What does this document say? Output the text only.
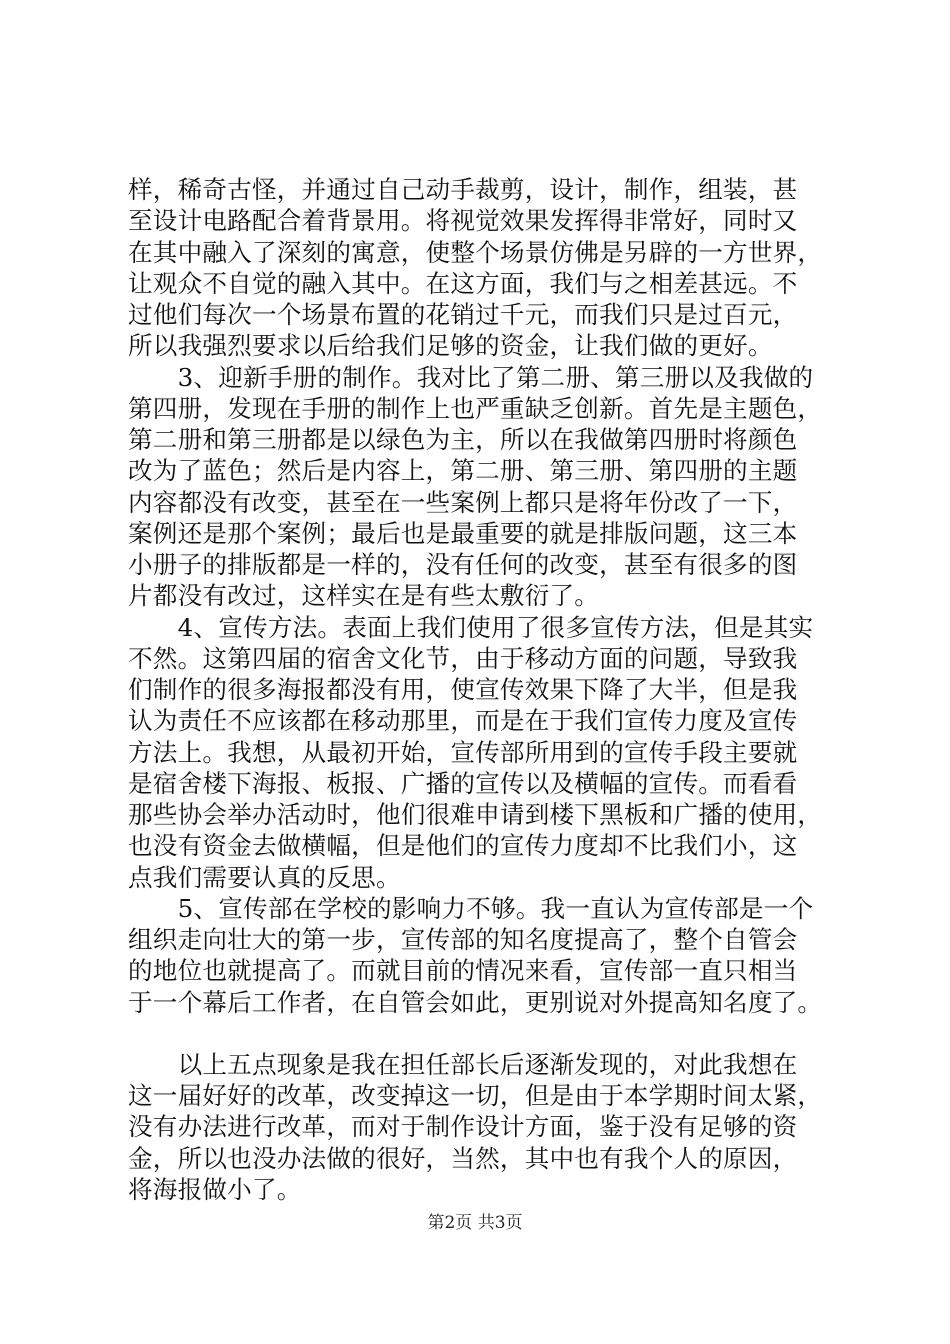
样，稀奇古怪，并通过自己动手裁剪，设计，制作，组装，甚
至设计电路配合着背景用。将视觉效果发挥得非常好，同时又
在其中融入了深刻的寓意，使整个场景仿佛是另辟的一方世界，
让观众不自觉的融入其中。在这方面，我们与之相差甚远。不
过他们每次一个场景布置的花销过千元，而我们只是过百元，
所以我强烈要求以后给我们足够的资金，让我们做的更好。
　　3、迎新手册的制作。我对比了第二册、第三册以及我做的
第四册，发现在手册的制作上也严重缺乏创新。首先是主题色，
第二册和第三册都是以绿色为主，所以在我做第四册时将颜色
改为了蓝色；然后是内容上，第二册、第三册、第四册的主题
内容都没有改变，甚至在一些案例上都只是将年份改了一下，
案例还是那个案例；最后也是最重要的就是排版问题，这三本
小册子的排版都是一样的，没有任何的改变，甚至有很多的图
片都没有改过，这样实在是有些太敷衍了。
　　4、宣传方法。表面上我们使用了很多宣传方法，但是其实
不然。这第四届的宿舍文化节，由于移动方面的问题，导致我
们制作的很多海报都没有用，使宣传效果下降了大半，但是我
认为责任不应该都在移动那里，而是在于我们宣传力度及宣传
方法上。我想，从最初开始，宣传部所用到的宣传手段主要就
是宿舍楼下海报、板报、广播的宣传以及横幅的宣传。而看看
那些协会举办活动时，他们很难申请到楼下黑板和广播的使用，
也没有资金去做横幅，但是他们的宣传力度却不比我们小，这
点我们需要认真的反思。
　　5、宣传部在学校的影响力不够。我一直认为宣传部是一个
组织走向壮大的第一步，宣传部的知名度提高了，整个自管会
的地位也就提高了。而就目前的情况来看，宣传部一直只相当
于一个幕后工作者，在自管会如此，更别说对外提高知名度了。
　　以上五点现象是我在担任部长后逐渐发现的，对此我想在
这一届好好的改革，改变掉这一切，但是由于本学期时间太紧，
没有办法进行改革，而对于制作设计方面，鉴于没有足够的资
金，所以也没办法做的很好，当然，其中也有我个人的原因，
将海报做小了。
第2页 共3页
